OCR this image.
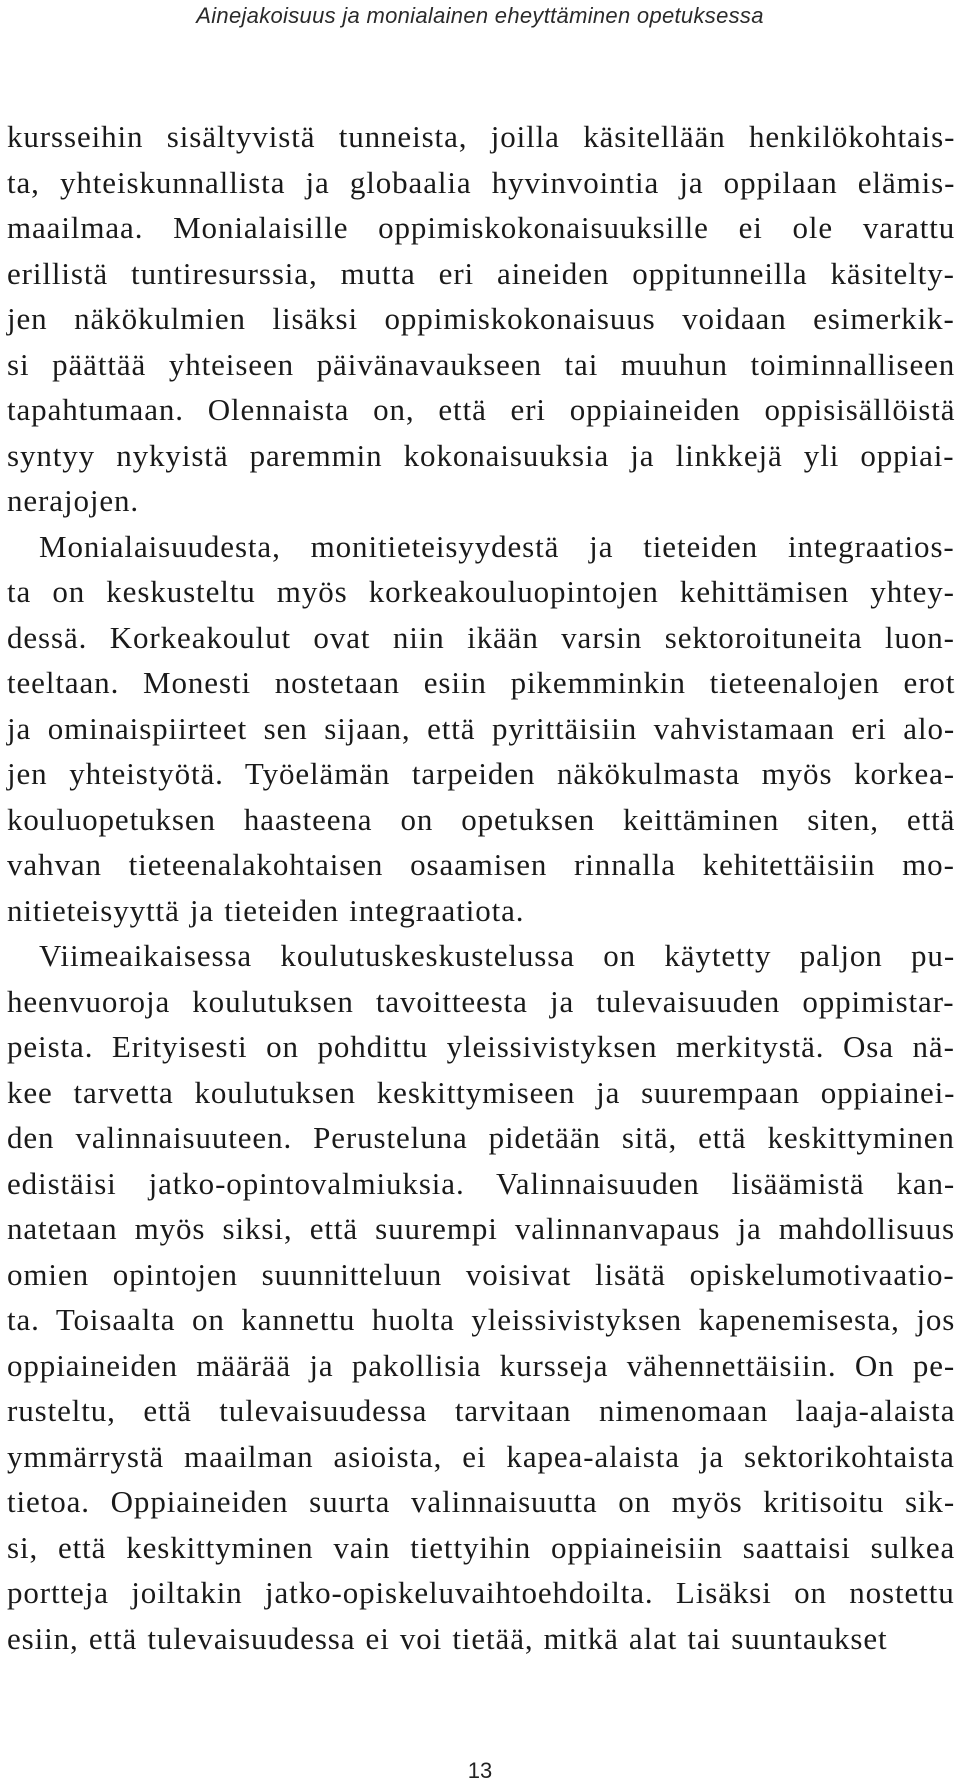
Ainejakoisuus ja monialainen eheyttäminen opetuksessa

kursseihin sisältyvistä tunneista, joilla käsitellään henkilökohtais-
ta, yhteiskunnallista ja globaalia hyvinvointia ja oppilaan elämis-
maailmaa. Monialaisille oppimiskokonaisuuksille ei ole varattu
erillistä tuntiresurssia, mutta eri aineiden oppitunneilla käsitelty-
jen näkökulmien lisäksi oppimiskokonaisuus voidaan esimerkik-
si päättää yhteiseen päivänavaukseen tai muuhun toiminnalliseen
tapahtumaan. Olennaista on, että eri oppiaineiden oppisisällöistä
syntyy nykyistä paremmin kokonaisuuksia ja linkkejä yli oppiai-
nerajojen.

Monialaisuudesta, monitieteisyydestä ja tieteiden integraatios-
ta on keskusteltu myös korkeakouluopintojen kehittämisen yhtey-
dessä. Korkeakoulut ovat niin ikään varsin sektoroituneita luon-
teeltaan. Monesti nostetaan esiin pikemminkin tieteenalojen erot
ja ominaispiirteet sen sijaan, että pyrittäisiin vahvistamaan eri alo-
jen yhteistyötä. Työelämän tarpeiden näkökulmasta myös korkea-
kouluopetuksen haasteena on opetuksen keittäminen siten, että
vahvan tieteenalakohtaisen osaamisen rinnalla kehitettäisiin mo-
nitieteisyyttä ja tieteiden integraatiota.

Viimeaikaisessa koulutuskeskustelussa on käytetty paljon pu-
heenvuoroja koulutuksen tavoitteesta ja tulevaisuuden oppimistar-
peista. Erityisesti on pohdittu yleissivistyksen merkitystä. Osa nä-
kee tarvetta koulutuksen keskittymiseen ja suurempaan oppiainei-
den valinnaisuuteen. Perusteluna pidetään sitä, että keskittyminen
edistäisi jatko-opintovalmiuksia. Valinnaisuuden lisäämistä kan-
natetaan myös siksi, että suurempi valinnanvapaus ja mahdollisuus
omien opintojen suunnitteluun voisivat lisätä opiskelumotivaatio-
ta. Toisaalta on kannettu huolta yleissivistyksen kapenemisesta, jos
oppiaineiden määrää ja pakollisia kursseja vähennettäisiin. On pe-
rusteltu, että tulevaisuudessa tarvitaan nimenomaan laaja-alaista
ymmärrystä maailman asioista, ei kapea-alaista ja sektorikohtaista
tietoa. Oppiaineiden suurta valinnaisuutta on myös kritisoitu sik-
si, että keskittyminen vain tiettyihin oppiaineisiin saattaisi sulkea
portteja joiltakin jatko-opiskeluvaihtoehdoilta. Lisäksi on nostettu
esiin, että tulevaisuudessa ei voi tietää, mitkä alat tai suuntaukset

13
